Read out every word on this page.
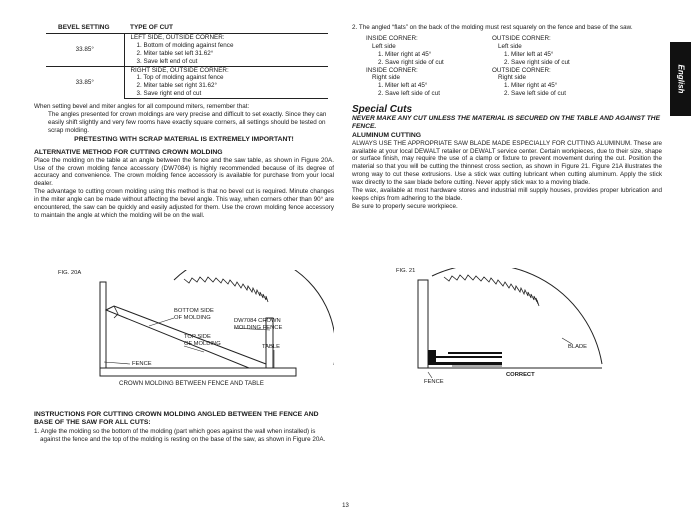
BEVEL SETTING	TYPE OF CUT
33.85°	LEFT SIDE, OUTSIDE CORNER:

	1. Bottom of molding against fence

	2. Miter table set left 31.62°

	3. Save left end of cut

33.85°	RIGHT SIDE, OUTSIDE CORNER:

	1. Top of molding against fence

	2. Miter table set right 31.62°

	3. Save right end of cut
When setting bevel and miter angles for all compound miters, remember that:
The angles presented for crown moldings are very precise and difficult to set exactly. Since they can easily shift slightly and very few rooms have exactly square corners, all settings should be tested on scrap molding.
PRETESTING WITH SCRAP MATERIAL IS EXTREMELY IMPORTANT!
ALTERNATIVE METHOD FOR CUTTING CROWN MOLDING
Place the molding on the table at an angle between the fence and the saw table, as shown in Figure 20A. Use of the crown molding fence accessory (DW7084) is highly recommended because of its degree of accuracy and convenience. The crown molding fence accessory is available for purchase from your local dealer.
The advantage to cutting crown molding using this method is that no bevel cut is required. Minute changes in the miter angle can be made without affecting the bevel angle. This way, when corners other than 90° are encountered, the saw can be quickly and easily adjusted for them. Use the crown molding fence accessory to maintain the angle at which the molding will be on the wall.
FIG. 20A
BOTTOM SIDE
OF MOLDING	DW7084 CROWN
MOLDING FENCE
TOP SIDE
OF MOLDING	TABLE
FENCE
CROWN MOLDING BETWEEN FENCE AND TABLE
INSTRUCTIONS FOR CUTTING CROWN MOLDING ANGLED BETWEEN THE FENCE AND BASE OF THE SAW FOR ALL CUTS:
1. Angle the molding so the bottom of the molding (part which goes against the wall when installed) is against the fence and the top of the molding is resting on the base of the saw, as shown in Figure 20A.
2. The angled “flats” on the back of the molding must rest squarely on the fence and base of the saw.
INSIDE CORNER:
Left side
1. Miter right at 45°
2. Save right side of cut
OUTSIDE CORNER:
Left side
1. Miter left at 45°
2. Save right side of cut
INSIDE CORNER:
Right side
1. Miter left at 45°
2. Save left side of cut
OUTSIDE CORNER:
Right side
1. Miter right at 45°
2. Save left side of cut
Special Cuts
NEVER MAKE ANY CUT UNLESS THE MATERIAL IS SECURED ON THE TABLE AND AGAINST THE FENCE.
ALUMINUM CUTTING
ALWAYS USE THE APPROPRIATE SAW BLADE MADE ESPECIALLY FOR CUTTING ALUMINUM. These are available at your local DEWALT retailer or DEWALT service center. Certain workpieces, due to their size, shape or surface finish, may require the use of a clamp or fixture to prevent movement during the cut. Position the material so that you will be cutting the thinnest cross section, as shown in Figure 21. Figure 21A illustrates the wrong way to cut these extrusions. Use a stick wax cutting lubricant when cutting aluminum. Apply the stick wax directly to the saw blade before cutting. Never apply stick wax to a moving blade.
The wax, available at most hardware stores and industrial mill supply houses, provides proper lubrication and keeps chips from adhering to the blade.
Be sure to properly secure workpiece.
FIG. 21
BLADE
CORRECT
FENCE
English
13
